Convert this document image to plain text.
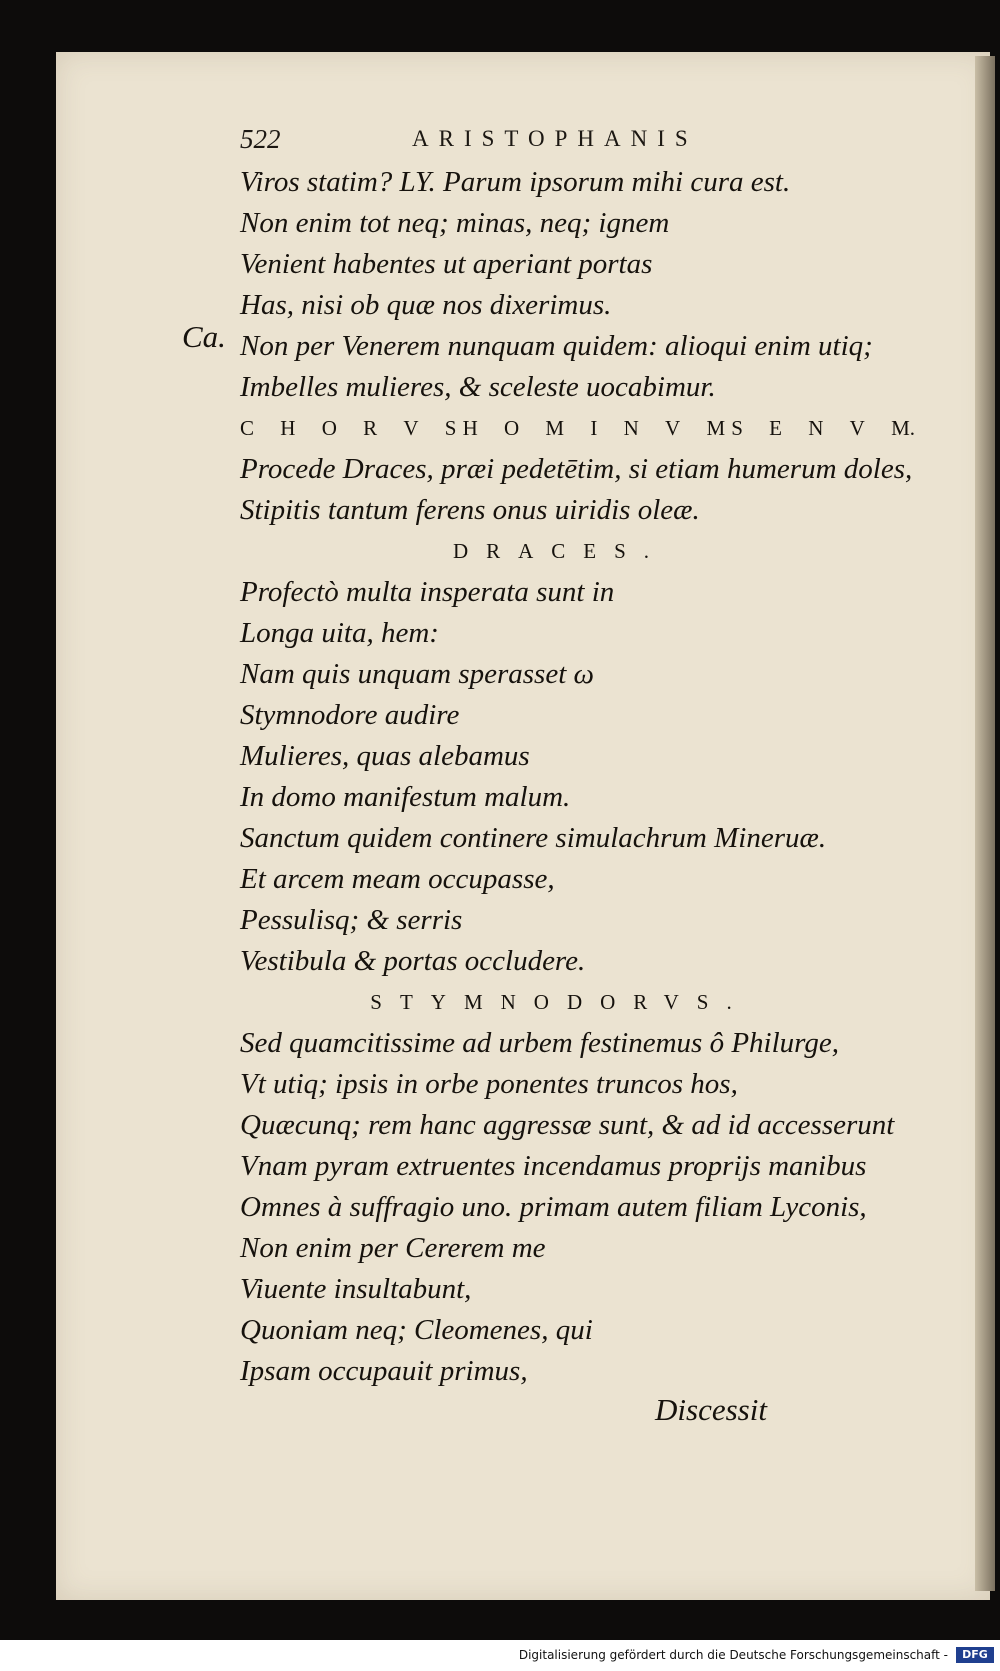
522	ARISTOPHANIS
Ca.
Viros statim? LY. Parum ipsorum mihi cura est.
Non enim tot neq; minas, neq; ignem
Venient habentes ut aperiant portas
Has, nisi ob quæ nos dixerimus.
Non per Venerem nunquam quidem: alioqui enim utiq;
Imbelles mulieres, & sceleste uocabimur.
C H O R V S H O M I N V M S E N V M.
Procede Draces, præi pedetētim, si etiam humerum doles,
Stipitis tantum ferens onus uiridis oleæ.
DRACES.
Profectò multa insperata sunt in
Longa uita, hem:
Nam quis unquam sperasset ω
Stymnodore audire
Mulieres, quas alebamus
In domo manifestum malum.
Sanctum quidem continere simulachrum Mineruæ.
Et arcem meam occupasse,
Pessulisq; & serris
Vestibula & portas occludere.
STYMNODORVS.
Sed quamcitissime ad urbem festinemus ô Philurge,
Vt utiq; ipsis in orbe ponentes truncos hos,
Quæcunq; rem hanc aggressæ sunt, & ad id accesserunt
Vnam pyram extruentes incendamus proprijs manibus
Omnes à suffragio uno. primam autem filiam Lyconis,
Non enim per Cererem me
Viuente insultabunt,
Quoniam neq; Cleomenes, qui
Ipsam occupauit primus,
Discessit
Digitalisierung gefördert durch die Deutsche Forschungsgemeinschaft -	DFG
